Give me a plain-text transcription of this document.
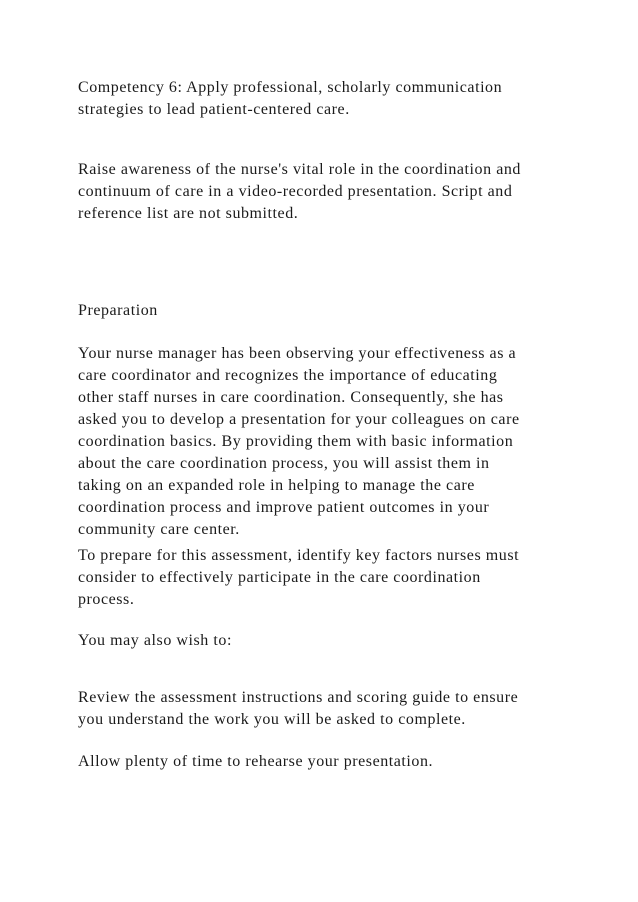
Competency 6: Apply professional, scholarly communication
strategies to lead patient-centered care.
Raise awareness of the nurse's vital role in the coordination and
continuum of care in a video-recorded presentation. Script and
reference list are not submitted.
Preparation
Your nurse manager has been observing your effectiveness as a
care coordinator and recognizes the importance of educating
other staff nurses in care coordination. Consequently, she has
asked you to develop a presentation for your colleagues on care
coordination basics. By providing them with basic information
about the care coordination process, you will assist them in
taking on an expanded role in helping to manage the care
coordination process and improve patient outcomes in your
community care center.
To prepare for this assessment, identify key factors nurses must
consider to effectively participate in the care coordination
process.
You may also wish to:
Review the assessment instructions and scoring guide to ensure
you understand the work you will be asked to complete.
Allow plenty of time to rehearse your presentation.
